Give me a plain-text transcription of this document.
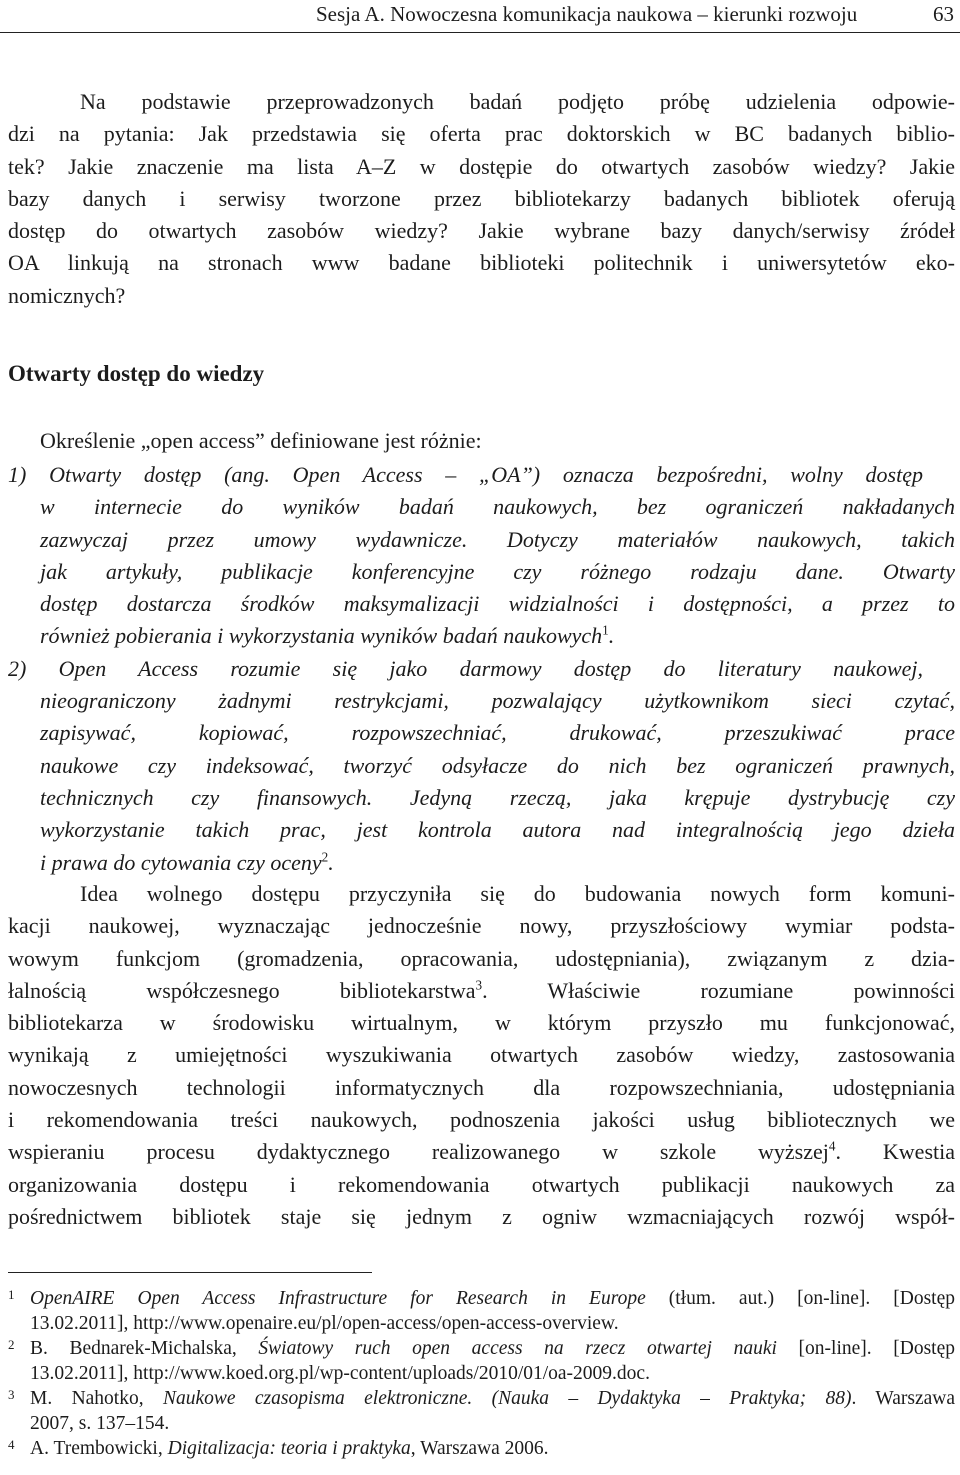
Sesja A. Nowoczesna komunikacja naukowa – kierunki rozwoju	63
Na podstawie przeprowadzonych badań podjęto próbę udzielenia odpowie-
dzi na pytania: Jak przedstawia się oferta prac doktorskich w BC badanych biblio-
tek? Jakie znaczenie ma lista A–Z w dostępie do otwartych zasobów wiedzy? Jakie
bazy danych i serwisy tworzone przez bibliotekarzy badanych bibliotek oferują
dostęp do otwartych zasobów wiedzy? Jakie wybrane bazy danych/serwisy źródeł
OA linkują na stronach www badane biblioteki politechnik i uniwersytetów eko-
nomicznych?
Otwarty dostęp do wiedzy
Określenie „open access” definiowane jest różnie:
1) Otwarty dostęp (ang. Open Access – „OA”) oznacza bezpośredni, wolny dostęp
w internecie do wyników badań naukowych, bez ograniczeń nakładanych
zazwyczaj przez umowy wydawnicze. Dotyczy materiałów naukowych, takich
jak artykuły, publikacje konferencyjne czy różnego rodzaju dane. Otwarty
dostęp dostarcza środków maksymalizacji widzialności i dostępności, a przez to
również pobierania i wykorzystania wyników badań naukowych$^1$.
2) Open Access rozumie się jako darmowy dostęp do literatury naukowej,
nieograniczony żadnymi restrykcjami, pozwalający użytkownikom sieci czytać,
zapisywać, kopiować, rozpowszechniać, drukować, przeszukiwać prace
naukowe czy indeksować, tworzyć odsyłacze do nich bez ograniczeń prawnych,
technicznych czy finansowych. Jedyną rzeczą, jaka krępuje dystrybucję czy
wykorzystanie takich prac, jest kontrola autora nad integralnością jego dzieła
i prawa do cytowania czy oceny$^2$.
Idea wolnego dostępu przyczyniła się do budowania nowych form komuni-
kacji naukowej, wyznaczając jednocześnie nowy, przyszłościowy wymiar podsta-
wowym funkcjom (gromadzenia, opracowania, udostępniania), związanym z dzia-
łalnością współczesnego bibliotekarstwa$^3$. Właściwie rozumiane powinności
bibliotekarza w środowisku wirtualnym, w którym przyszło mu funkcjonować,
wynikają z umiejętności wyszukiwania otwartych zasobów wiedzy, zastosowania
nowoczesnych technologii informatycznych dla rozpowszechniania, udostępniania
i rekomendowania treści naukowych, podnoszenia jakości usług bibliotecznych we
wspieraniu procesu dydaktycznego realizowanego w szkole wyższej$^4$. Kwestia
organizowania dostępu i rekomendowania otwartych publikacji naukowych za
pośrednictwem bibliotek staje się jednym z ogniw wzmacniających rozwój współ-
1 OpenAIRE Open Access Infrastructure for Research in Europe (tłum. aut.) [on-line]. [Dostęp
13.02.2011], http://www.openaire.eu/pl/open-access/open-access-overview.
2 B. Bednarek-Michalska, Światowy ruch open access na rzecz otwartej nauki [on-line]. [Dostęp
13.02.2011], http://www.koed.org.pl/wp-content/uploads/2010/01/oa-2009.doc.
3 M. Nahotko, Naukowe czasopisma elektroniczne. (Nauka – Dydaktyka – Praktyka; 88). Warszawa
2007, s. 137–154.
4 A. Trembowicki, Digitalizacja: teoria i praktyka, Warszawa 2006.
